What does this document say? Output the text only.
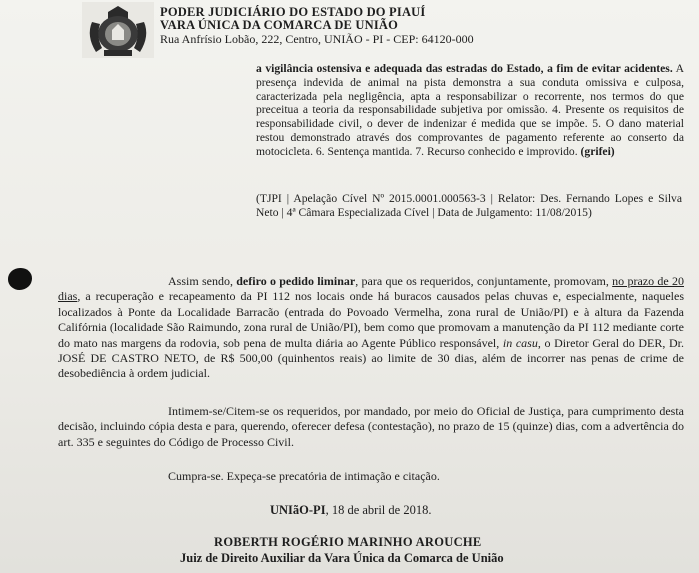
PODER JUDICIÁRIO DO ESTADO DO PIAUÍ
VARA ÚNICA DA COMARCA DE UNIÃO
Rua Anfrísio Lobão, 222, Centro, UNIÃO - PI - CEP: 64120-000

a vigilância ostensiva e adequada das estradas do Estado, a fim de evitar acidentes. A presença indevida de animal na pista demonstra a sua conduta omissiva e culposa, caracterizada pela negligência, apta a responsabilizar o recorrente, nos termos do que preceitua a teoria da responsabilidade subjetiva por omissão. 4. Presente os requisitos de responsabilidade civil, o dever de indenizar é medida que se impõe. 5. O dano material restou demonstrado através dos comprovantes de pagamento referente ao conserto da motocicleta. 6. Sentença mantida. 7. Recurso conhecido e improvido. (grifei)

(TJPI | Apelação Cível Nº 2015.0001.000563-3 | Relator: Des. Fernando Lopes e Silva Neto | 4ª Câmara Especializada Cível | Data de Julgamento: 11/08/2015)
Assim sendo, defiro o pedido liminar, para que os requeridos, conjuntamente, promovam, no prazo de 20 dias, a recuperação e recapeamento da PI 112 nos locais onde há buracos causados pelas chuvas e, especialmente, naqueles localizados à Ponte da Localidade Barracão (entrada do Povoado Vermelha, zona rural de União/PI) e à altura da Fazenda Califórnia (localidade São Raimundo, zona rural de União/PI), bem como que promovam a manutenção da PI 112 mediante corte do mato nas margens da rodovia, sob pena de multa diária ao Agente Público responsável, in casu, o Diretor Geral do DER, Dr. JOSÉ DE CASTRO NETO, de R$ 500,00 (quinhentos reais) ao limite de 30 dias, além de incorrer nas penas de crime de desobediência à ordem judicial.
Intimem-se/Citem-se os requeridos, por mandado, por meio do Oficial de Justiça, para cumprimento desta decisão, incluindo cópia desta e para, querendo, oferecer defesa (contestação), no prazo de 15 (quinze) dias, com a advertência do art. 335 e seguintes do Código de Processo Civil.
Cumpra-se. Expeça-se precatória de intimação e citação.
UNIãO-PI, 18 de abril de 2018.
ROBERTH ROGÉRIO MARINHO AROUCHE
Juiz de Direito Auxiliar da Vara Única da Comarca de União
